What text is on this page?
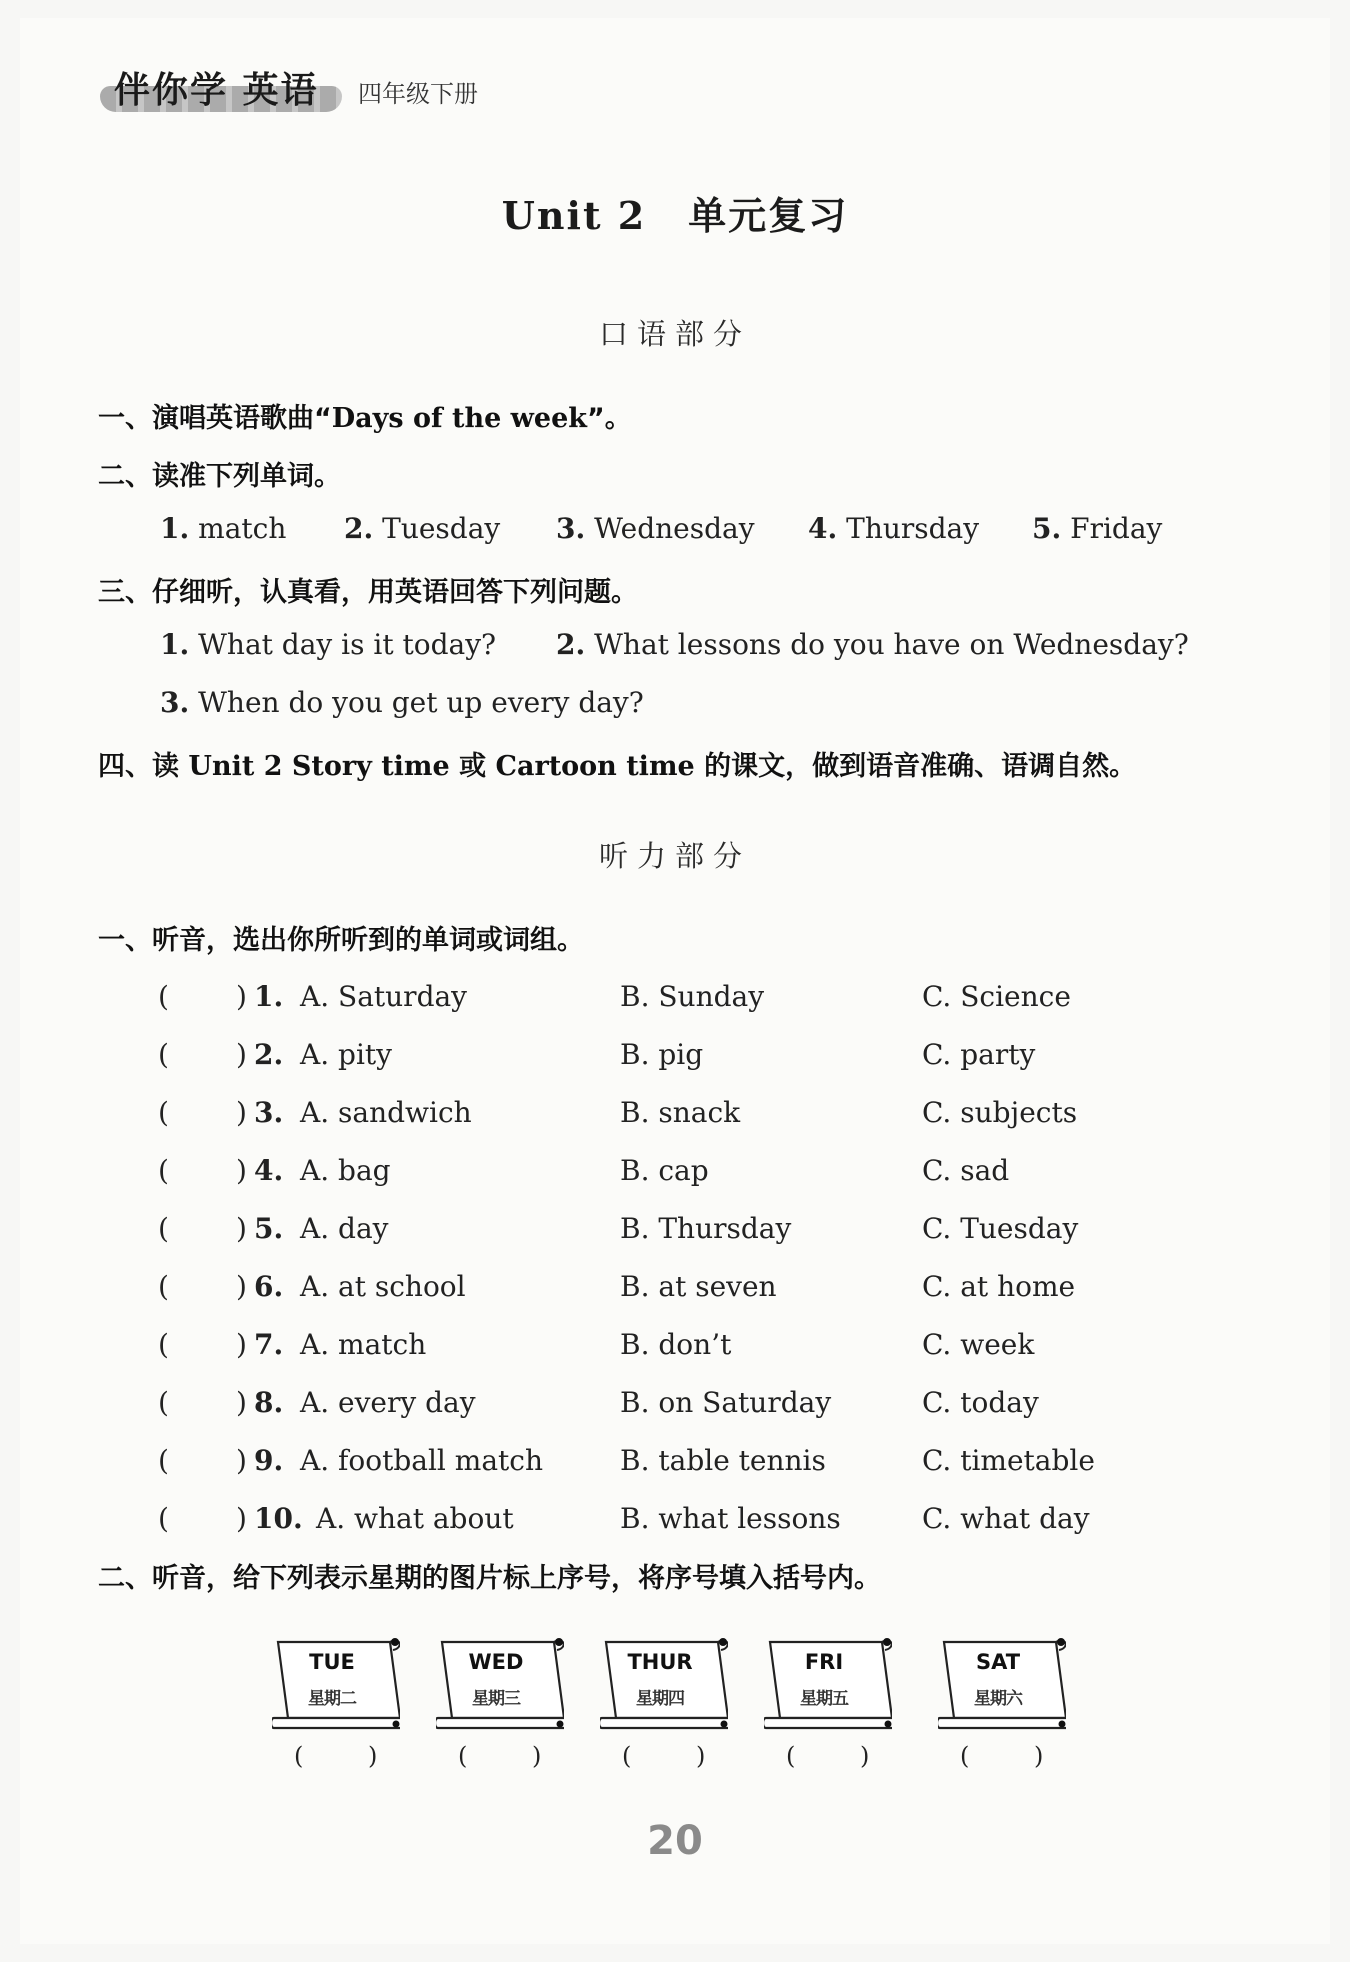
伴你学 英语 四年级下册
Unit 2 单元复习
口语部分
一、演唱英语歌曲“Days of the week”。
二、读准下列单词。
1. match 2. Tuesday 3. Wednesday 4. Thursday 5. Friday
三、仔细听，认真看，用英语回答下列问题。
1. What day is it today? 2. What lessons do you have on Wednesday?
3. When do you get up every day?
四、读 Unit 2 Story time 或 Cartoon time 的课文，做到语音准确、语调自然。
听力部分
一、听音，选出你所听到的单词或词组。
( ) 1. A. Saturday	B. Sunday	C. Science
( ) 2. A. pity	B. pig	C. party
( ) 3. A. sandwich	B. snack	C. subjects
( ) 4. A. bag	B. cap	C. sad
( ) 5. A. day	B. Thursday	C. Tuesday
( ) 6. A. at school	B. at seven	C. at home
( ) 7. A. match	B. don’t	C. week
( ) 8. A. every day	B. on Saturday	C. today
( ) 9. A. football match	B. table tennis	C. timetable
( ) 10. A. what about	B. what lessons	C. what day
二、听音，给下列表示星期的图片标上序号，将序号填入括号内。
TUE
星期二
(	)
WED
星期三
(	)
THUR
星期四
(	)
FRI
星期五
(	)
SAT
星期六
(	)
20
